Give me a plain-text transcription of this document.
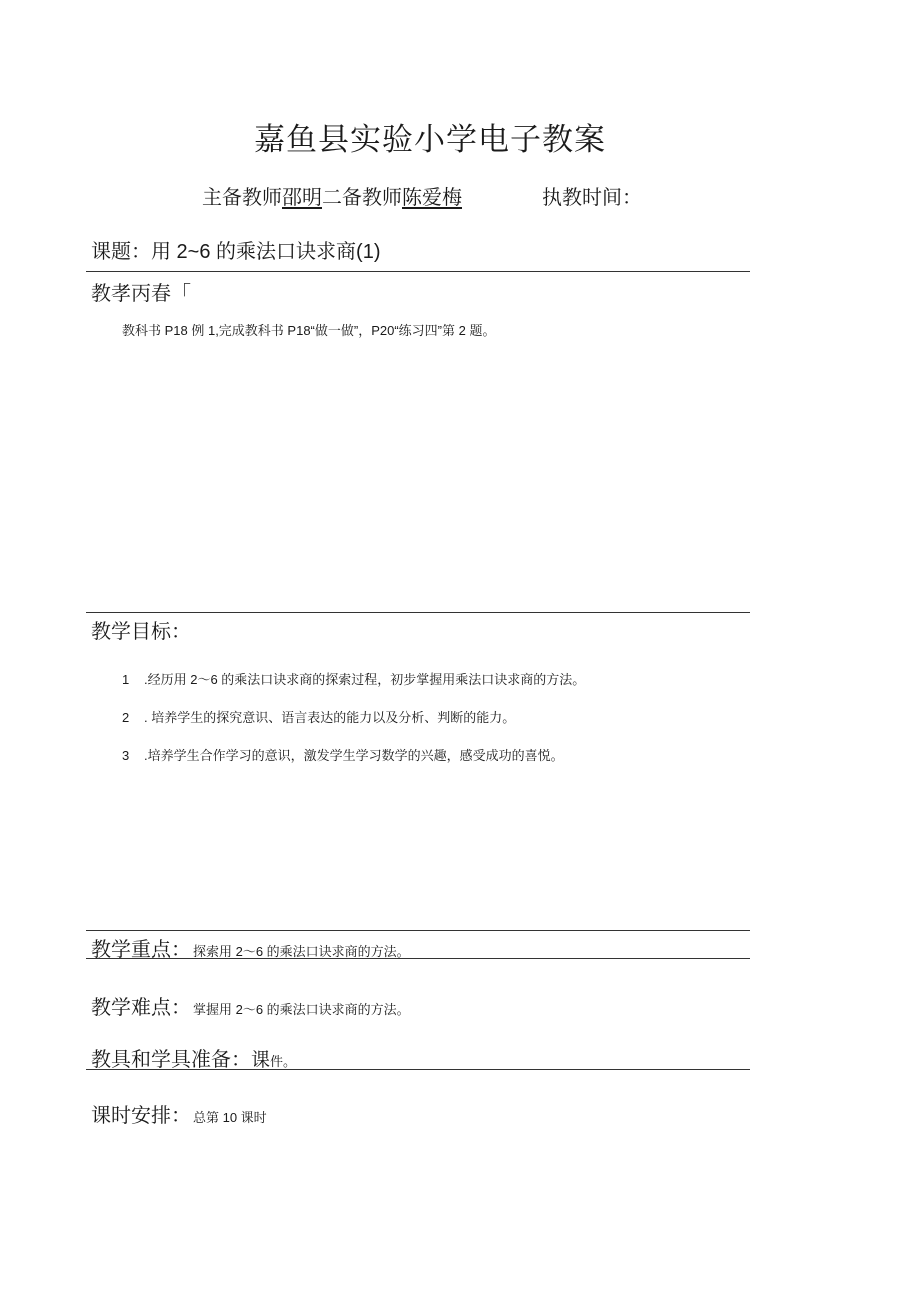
嘉鱼县实验小学电子教案
主备教师邵明二备教师陈爱梅	执教时间：
课题：用 2~6 的乘法口诀求商(1)
教孝丙春「
教科书 P18 例 1,完成教科书 P18“做一做”，P20“练习四”第 2 题。
教学目标：
1 .经历用 2～6 的乘法口诀求商的探索过程，初步掌握用乘法口诀求商的方法。
2 . 培养学生的探究意识、语言表达的能力以及分析、判断的能力。
3 .培养学生合作学习的意识，激发学生学习数学的兴趣，感受成功的喜悦。
教学重点： 探索用 2～6 的乘法口诀求商的方法。
教学难点： 掌握用 2～6 的乘法口诀求商的方法。
教具和学具准备：课件。
课时安排： 总第 10 课时
